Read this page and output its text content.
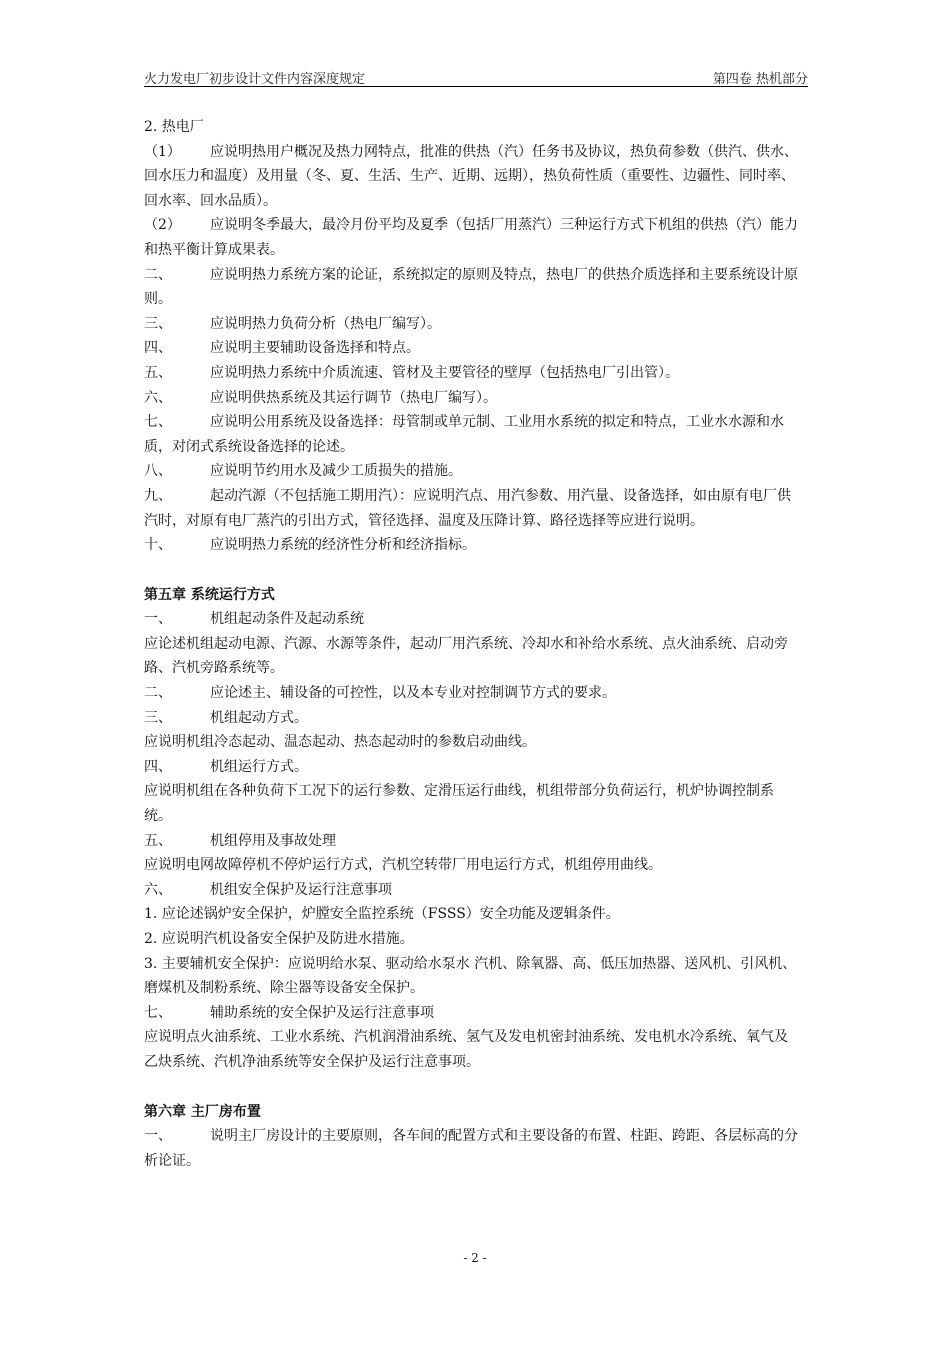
火力发电厂初步设计文件内容深度规定	第四卷 热机部分

2. 热电厂

（1） 应说明热用户概况及热力网特点，批准的供热（汽）任务书及协议，热负荷参数（供汽、供水、回水压力和温度）及用量（冬、夏、生活、生产、近期、远期），热负荷性质（重要性、边疆性、同时率、回水率、回水品质）。

（2） 应说明冬季最大，最冷月份平均及夏季（包括厂用蒸汽）三种运行方式下机组的供热（汽）能力和热平衡计算成果表。

二、	应说明热力系统方案的论证，系统拟定的原则及特点，热电厂的供热介质选择和主要系统设计原则。

三、	应说明热力负荷分析（热电厂编写）。

四、	应说明主要辅助设备选择和特点。

五、	应说明热力系统中介质流速、管材及主要管径的壁厚（包括热电厂引出管）。

六、	应说明供热系统及其运行调节（热电厂编写）。

七、	应说明公用系统及设备选择：母管制或单元制、工业用水系统的拟定和特点，工业水水源和水质，对闭式系统设备选择的论述。

八、	应说明节约用水及减少工质损失的措施。

九、	起动汽源（不包括施工期用汽）：应说明汽点、用汽参数、用汽量、设备选择，如由原有电厂供汽时，对原有电厂蒸汽的引出方式，管径选择、温度及压降计算、路径选择等应进行说明。

十、	应说明热力系统的经济性分析和经济指标。

第五章 系统运行方式

一、	机组起动条件及起动系统

应论述机组起动电源、汽源、水源等条件，起动厂用汽系统、冷却水和补给水系统、点火油系统、启动旁路、汽机旁路系统等。

二、	应论述主、辅设备的可控性，以及本专业对控制调节方式的要求。

三、	机组起动方式。

应说明机组冷态起动、温态起动、热态起动时的参数启动曲线。

四、	机组运行方式。

应说明机组在各种负荷下工况下的运行参数、定滑压运行曲线，机组带部分负荷运行，机炉协调控制系统。

五、	机组停用及事故处理

应说明电网故障停机不停炉运行方式，汽机空转带厂用电运行方式，机组停用曲线。

六、	机组安全保护及运行注意事项

1. 应论述锅炉安全保护，炉膛安全监控系统（FSSS）安全功能及逻辑条件。

2. 应说明汽机设备安全保护及防进水措施。

3. 主要辅机安全保护：应说明给水泵、驱动给水泵水 汽机、除氧器、高、低压加热器、送风机、引风机、磨煤机及制粉系统、除尘器等设备安全保护。

七、	辅助系统的安全保护及运行注意事项

应说明点火油系统、工业水系统、汽机润滑油系统、氢气及发电机密封油系统、发电机水冷系统、氧气及乙炔系统、汽机净油系统等安全保护及运行注意事项。

第六章 主厂房布置

一、	说明主厂房设计的主要原则，各车间的配置方式和主要设备的布置、柱距、跨距、各层标高的分析论证。

- 2 -
